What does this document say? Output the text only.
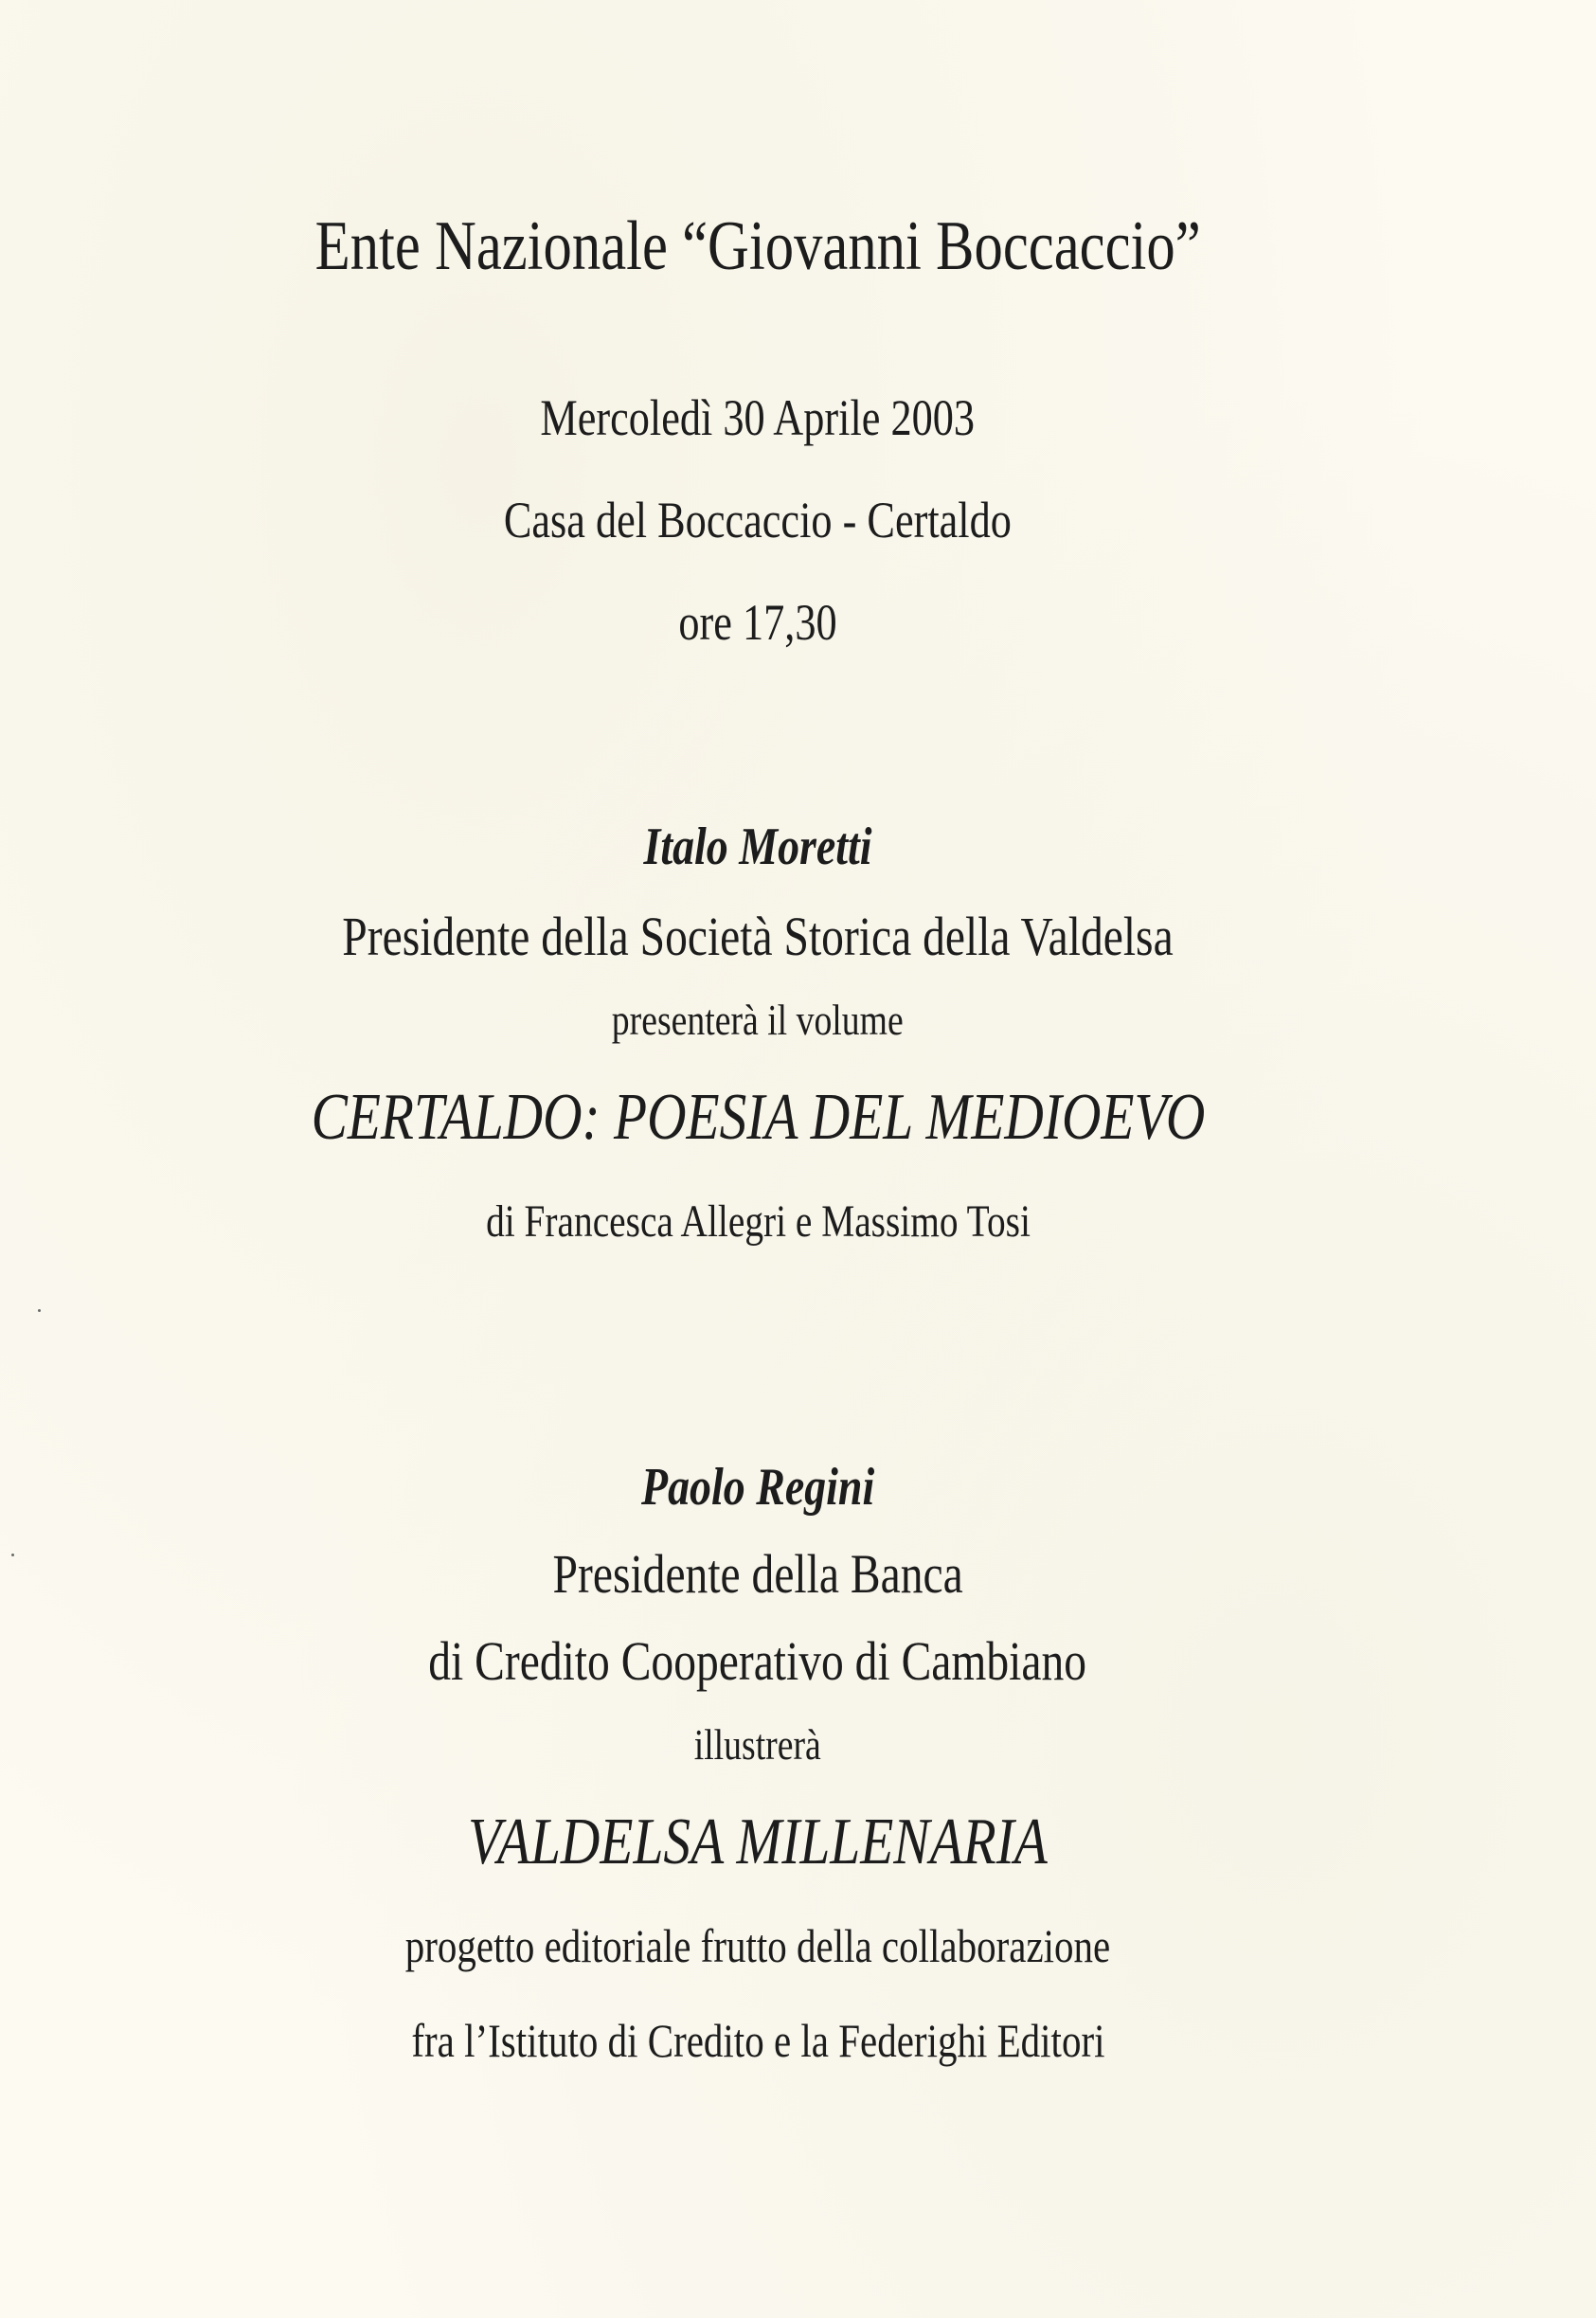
Ente Nazionale “Giovanni Boccaccio”
Mercoledì 30 Aprile 2003
Casa del Boccaccio - Certaldo
ore 17,30
Italo Moretti
Presidente della Società Storica della Valdelsa
presenterà il volume
CERTALDO: POESIA DEL MEDIOEVO
di Francesca Allegri e Massimo Tosi
Paolo Regini
Presidente della Banca
di Credito Cooperativo di Cambiano
illustrerà
VALDELSA MILLENARIA
progetto editoriale frutto della collaborazione
fra l’Istituto di Credito e la Federighi Editori
